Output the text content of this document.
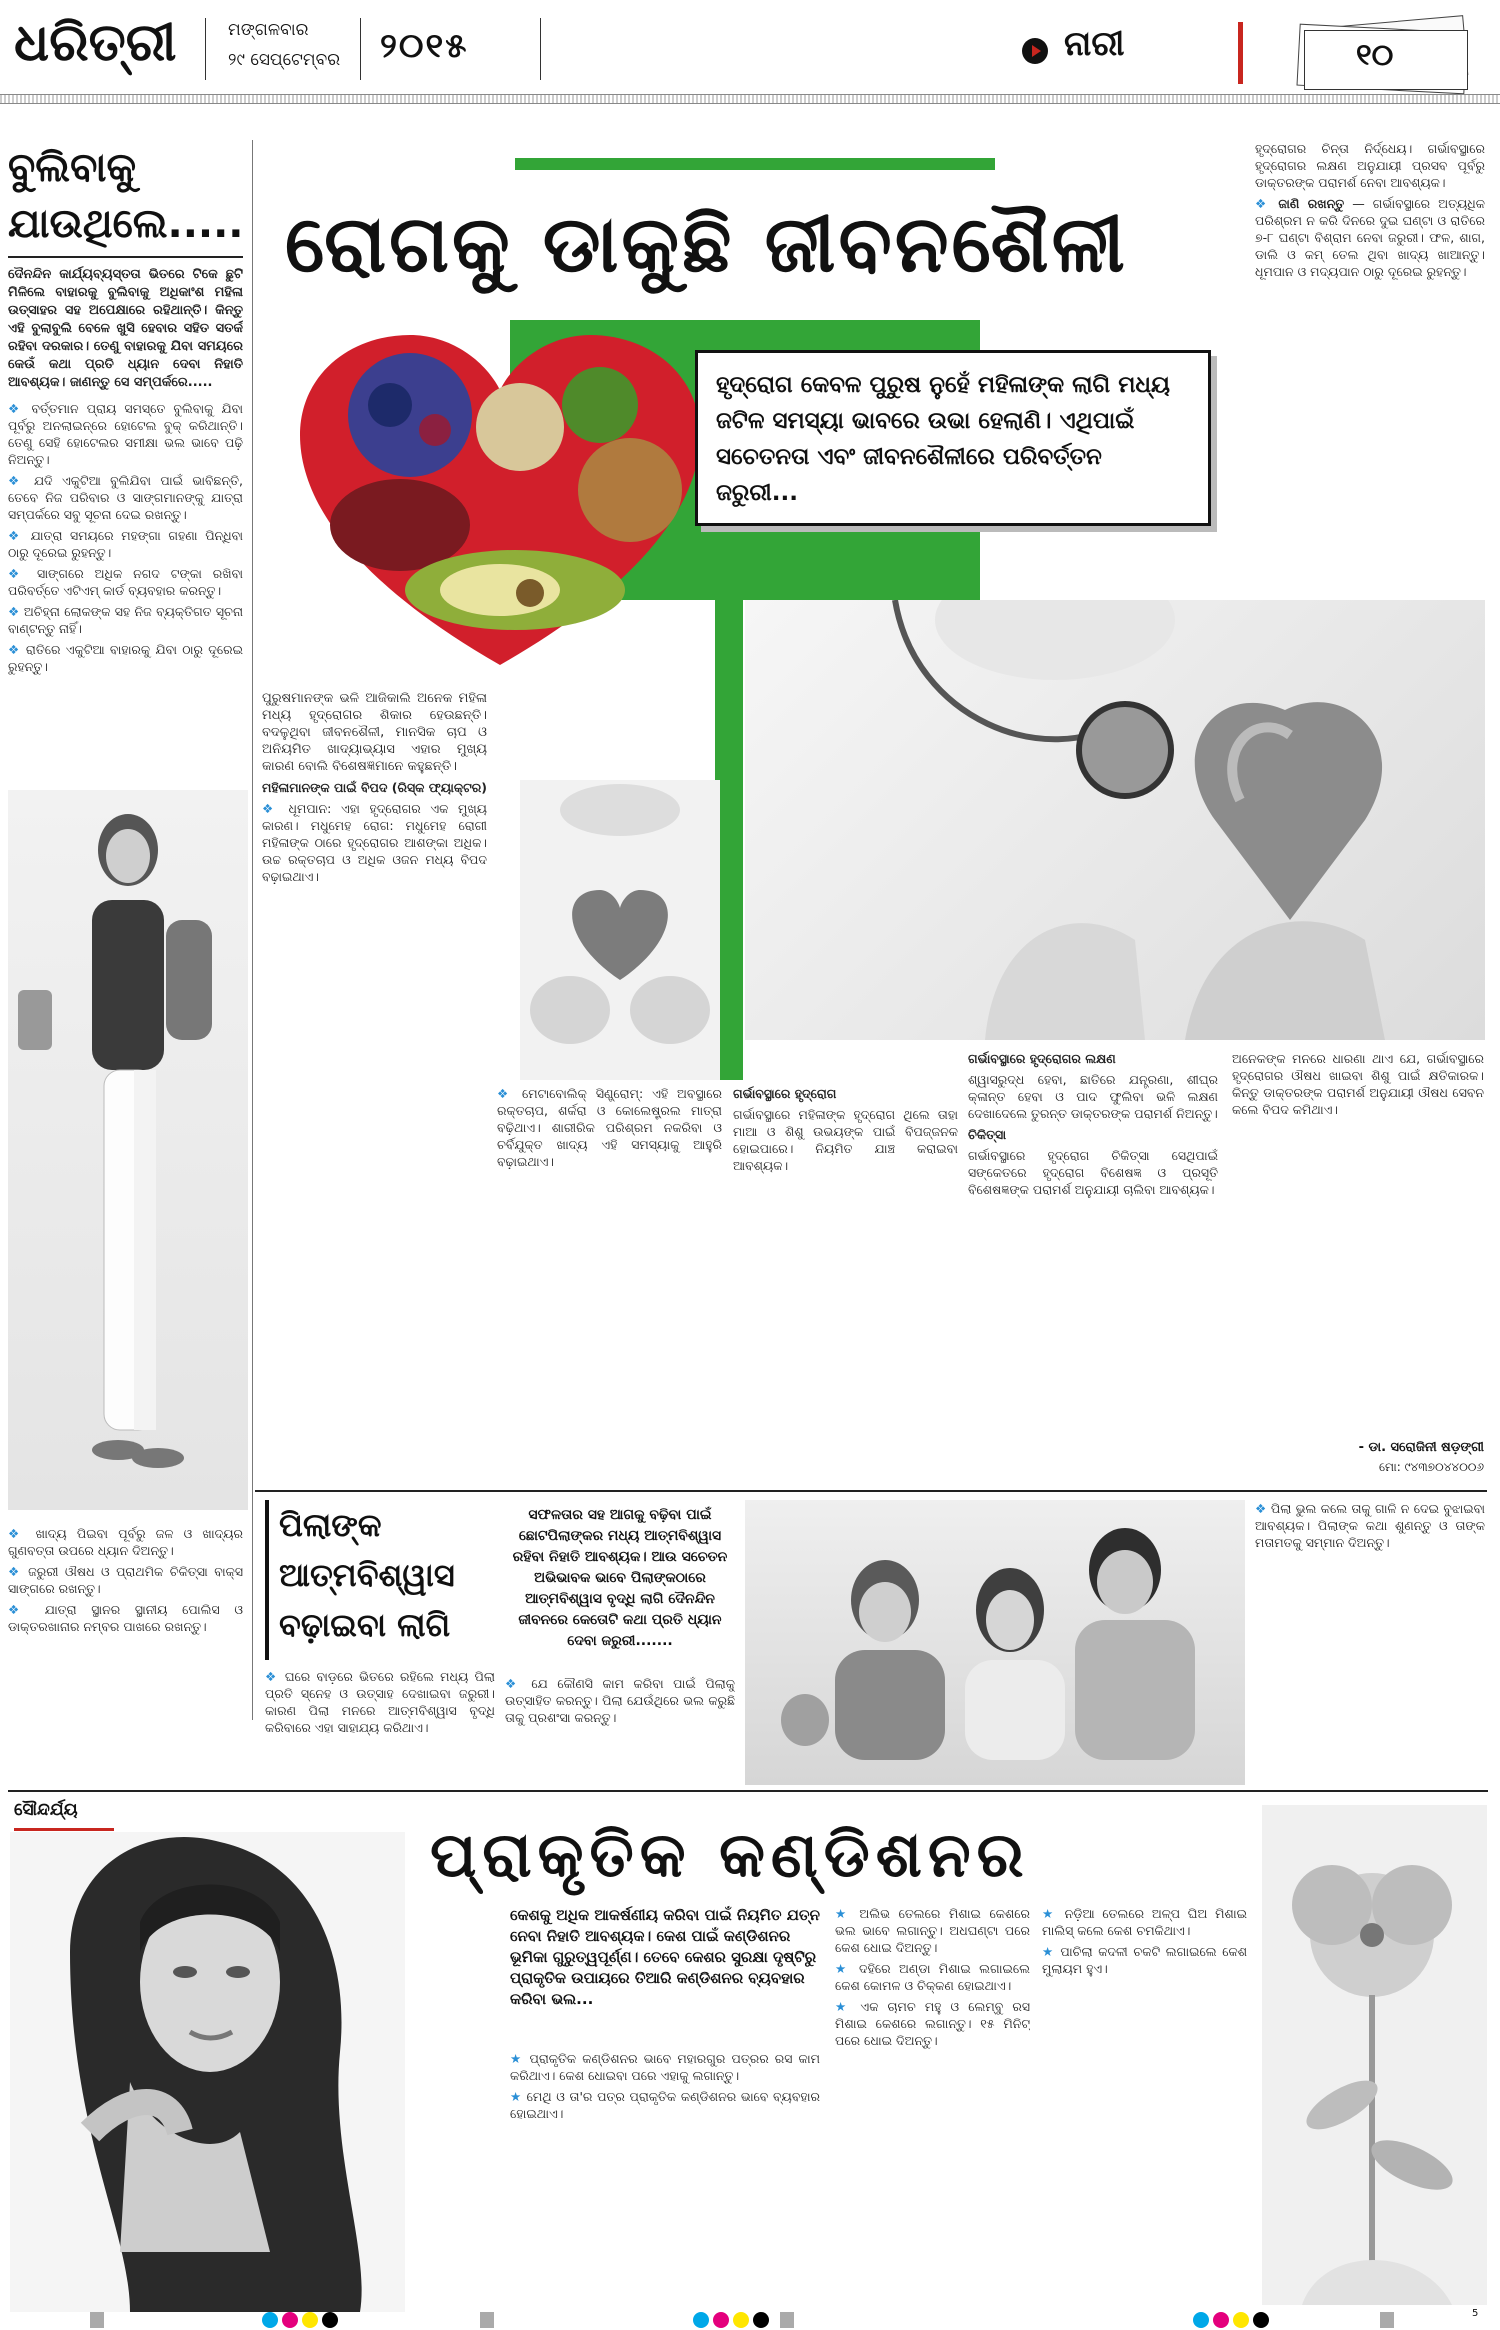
ଧରିତ୍ରୀ	ମଙ୍ଗଳବାର
୨୯ ସେପ୍ଟେମ୍ବର ୨୦୧୫	ନାରୀ	୧୦
ବୁଲିବାକୁ
ଯାଉଥିଲେ.....
ଦୈନନ୍ଦିନ କାର୍ଯ୍ୟବ୍ୟସ୍ତତା ଭିତରେ ଟିକେ ଛୁଟି ମିଳିଲେ ବାହାରକୁ ବୁଲିବାକୁ ଅଧିକାଂଶ ମହିଳା ଉତ୍ସାହର ସହ ଅପେକ୍ଷାରେ ରହିଥାନ୍ତି। କିନ୍ତୁ ଏହି ବୁଲାବୁଲି ବେଳେ ଖୁସି ହେବାର ସହିତ ସତର୍କ ରହିବା ଦରକାର। ତେଣୁ ବାହାରକୁ ଯିବା ସମୟରେ କେଉଁ କଥା ପ୍ରତି ଧ୍ୟାନ ଦେବା ନିହାତି ଆବଶ୍ୟକ। ଜାଣନ୍ତୁ ସେ ସମ୍ପର୍କରେ.....

❖ ବର୍ତ୍ତମାନ ପ୍ରାୟ ସମସ୍ତେ ବୁଲିବାକୁ ଯିବା ପୂର୍ବରୁ ଅନଲାଇନ୍‌ରେ ହୋଟେଲ ବୁକ୍ କରିଥାନ୍ତି। ତେଣୁ ସେହି ହୋଟେଲର ସମୀକ୍ଷା ଭଲ ଭାବେ ପଢ଼ି ନିଅନ୍ତୁ।

❖ ଯଦି ଏକୁଟିଆ ବୁଲିଯିବା ପାଇଁ ଭାବିଛନ୍ତି, ତେବେ ନିଜ ପରିବାର ଓ ସାଙ୍ଗମାନଙ୍କୁ ଯାତ୍ରା ସମ୍ପର୍କରେ ସବୁ ସୂଚନା ଦେଇ ରଖନ୍ତୁ।

❖ ଯାତ୍ରା ସମୟରେ ମହଙ୍ଗା ଗହଣା ପିନ୍ଧିବା ଠାରୁ ଦୂରେଇ ରୁହନ୍ତୁ।

❖ ସାଙ୍ଗରେ ଅଧିକ ନଗଦ ଟଙ୍କା ରଖିବା ପରିବର୍ତ୍ତେ ଏଟିଏମ୍ କାର୍ଡ ବ୍ୟବହାର କରନ୍ତୁ।

❖ ଅଚିହ୍ନା ଲୋକଙ୍କ ସହ ନିଜ ବ୍ୟକ୍ତିଗତ ସୂଚନା ବାଣ୍ଟନ୍ତୁ ନାହିଁ।

❖ ରାତିରେ ଏକୁଟିଆ ବାହାରକୁ ଯିବା ଠାରୁ ଦୂରେଇ ରୁହନ୍ତୁ।

❖ ଖାଦ୍ୟ ପିଇବା ପୂର୍ବରୁ ଜଳ ଓ ଖାଦ୍ୟର ଗୁଣବତ୍ତା ଉପରେ ଧ୍ୟାନ ଦିଅନ୍ତୁ।

❖ ଜରୁରୀ ଔଷଧ ଓ ପ୍ରାଥମିକ ଚିକିତ୍ସା ବାକ୍ସ ସାଙ୍ଗରେ ରଖନ୍ତୁ।

❖ ଯାତ୍ରା ସ୍ଥାନର ସ୍ଥାନୀୟ ପୋଲିସ ଓ ଡାକ୍ତରଖାନାର ନମ୍ବର ପାଖରେ ରଖନ୍ତୁ।

ରୋଗକୁ ଡାକୁଛି ଜୀବନଶୈଳୀ
ହୃଦ୍‌ରୋଗ କେବଳ ପୁରୁଷ ନୁହେଁ ମହିଳାଙ୍କ ଲାଗି ମଧ୍ୟ ଜଟିଳ ସମସ୍ୟା ଭାବରେ ଉଭା ହେଲାଣି। ଏଥିପାଇଁ ସଚେତନତା ଏବଂ ଜୀବନଶୈଳୀରେ ପରିବର୍ତ୍ତନ ଜରୁରୀ...

ହୃଦ୍‌ରୋଗର ଚିନ୍ତା ନିର୍ଦ୍ଧେୟ। ଗର୍ଭାବସ୍ଥାରେ ହୃଦ୍‌ରୋଗର ଲକ୍ଷଣ ଅନୁଯାୟୀ ପ୍ରସବ ପୂର୍ବରୁ ଡାକ୍ତରଙ୍କ ପରାମର୍ଶ ନେବା ଆବଶ୍ୟକ।

❖ ଜାଣି ରଖନ୍ତୁ — ଗର୍ଭାବସ୍ଥାରେ ଅତ୍ୟଧିକ ପରିଶ୍ରମ ନ କରି ଦିନରେ ଦୁଇ ଘଣ୍ଟା ଓ ରାତିରେ ୭-୮ ଘଣ୍ଟା ବିଶ୍ରାମ ନେବା ଜରୁରୀ। ଫଳ, ଶାଗ, ଡାଲି ଓ କମ୍ ତେଲ ଥିବା ଖାଦ୍ୟ ଖାଆନ୍ତୁ। ଧୂମପାନ ଓ ମଦ୍ୟପାନ ଠାରୁ ଦୂରେଇ ରୁହନ୍ତୁ।

ପୁରୁଷମାନଙ୍କ ଭଳି ଆଜିକାଲି ଅନେକ ମହିଳା ମଧ୍ୟ ହୃଦ୍‌ରୋଗର ଶିକାର ହେଉଛନ୍ତି। ବଦଳୁଥିବା ଜୀବନଶୈଳୀ, ମାନସିକ ଚାପ ଓ ଅନିୟମିତ ଖାଦ୍ୟାଭ୍ୟାସ ଏହାର ମୁଖ୍ୟ କାରଣ ବୋଲି ବିଶେଷଜ୍ଞମାନେ କହୁଛନ୍ତି।

ମହିଳାମାନଙ୍କ ପାଇଁ ବିପଦ (ରିସ୍କ ଫ୍ୟାକ୍ଟର)

❖ ଧୂମପାନ: ଏହା ହୃଦ୍‌ରୋଗର ଏକ ମୁଖ୍ୟ କାରଣ। ମଧୁମେହ ରୋଗ: ମଧୁମେହ ରୋଗୀ ମହିଳାଙ୍କ ଠାରେ ହୃଦ୍‌ରୋଗର ଆଶଙ୍କା ଅଧିକ। ଉଚ୍ଚ ରକ୍ତଚାପ ଓ ଅଧିକ ଓଜନ ମଧ୍ୟ ବିପଦ ବଢ଼ାଇଥାଏ।

❖ ମେଟାବୋଲିକ୍ ସିଣ୍ଡ୍ରୋମ୍: ଏହି ଅବସ୍ଥାରେ ରକ୍ତଚାପ, ଶର୍କରା ଓ କୋଲେଷ୍ଟ୍ରଲ ମାତ୍ରା ବଢ଼ିଥାଏ। ଶାରୀରିକ ପରିଶ୍ରମ ନକରିବା ଓ ଚର୍ବିଯୁକ୍ତ ଖାଦ୍ୟ ଏହି ସମସ୍ୟାକୁ ଆହୁରି ବଢ଼ାଇଥାଏ।

ଗର୍ଭାବସ୍ଥାରେ ହୃଦ୍‌ରୋଗ

ଗର୍ଭାବସ୍ଥାରେ ମହିଳାଙ୍କ ହୃଦ୍‌ରୋଗ ଥିଲେ ତାହା ମାଆ ଓ ଶିଶୁ ଉଭୟଙ୍କ ପାଇଁ ବିପଜ୍ଜନକ ହୋଇପାରେ। ନିୟମିତ ଯାଞ୍ଚ କରାଇବା ଆବଶ୍ୟକ।

ଗର୍ଭାବସ୍ଥାରେ ହୃଦ୍‌ରୋଗର ଲକ୍ଷଣ

ଶ୍ୱାସରୁଦ୍ଧ ହେବା, ଛାତିରେ ଯନ୍ତ୍ରଣା, ଶୀଘ୍ର କ୍ଳାନ୍ତ ହେବା ଓ ପାଦ ଫୁଲିବା ଭଳି ଲକ୍ଷଣ ଦେଖାଦେଲେ ତୁରନ୍ତ ଡାକ୍ତରଙ୍କ ପରାମର୍ଶ ନିଅନ୍ତୁ।

ଚିକିତ୍ସା

ଗର୍ଭାବସ୍ଥାରେ ହୃଦ୍‌ରୋଗ ଚିକିତ୍ସା ସେଥିପାଇଁ ସଙ୍କେତରେ ହୃଦ୍‌ରୋଗ ବିଶେଷଜ୍ଞ ଓ ପ୍ରସୂତି ବିଶେଷଜ୍ଞଙ୍କ ପରାମର୍ଶ ଅନୁଯାୟୀ ଚାଲିବା ଆବଶ୍ୟକ।

ଅନେକଙ୍କ ମନରେ ଧାରଣା ଥାଏ ଯେ, ଗର୍ଭାବସ୍ଥାରେ ହୃଦ୍‌ରୋଗର ଔଷଧ ଖାଇବା ଶିଶୁ ପାଇଁ କ୍ଷତିକାରକ। କିନ୍ତୁ ଡାକ୍ତରଙ୍କ ପରାମର୍ଶ ଅନୁଯାୟୀ ଔଷଧ ସେବନ କଲେ ବିପଦ କମିଥାଏ।

- ଡା. ସରୋଜିନୀ ଷଡ଼ଙ୍ଗୀ
ମୋ: ୯୪୩୭୦୪୪୦୦୬
ପିଲାଙ୍କ
ଆତ୍ମବିଶ୍ୱାସ
ବଢ଼ାଇବା ଲାଗି

❖ ଘରେ ବାଡ଼ରେ ଭିତରେ ରହିଲେ ମଧ୍ୟ ପିଲା ପ୍ରତି ସ୍ନେହ ଓ ଉତ୍ସାହ ଦେଖାଇବା ଜରୁରୀ। କାରଣ ପିଲା ମନରେ ଆତ୍ମବିଶ୍ୱାସ ବୃଦ୍ଧି କରିବାରେ ଏହା ସାହାଯ୍ୟ କରିଥାଏ।

ସଫଳତାର ସହ ଆଗକୁ ବଢ଼ିବା ପାଇଁ ଛୋଟପିଲାଙ୍କର ମଧ୍ୟ ଆତ୍ମବିଶ୍ୱାସ ରହିବା ନିହାତି ଆବଶ୍ୟକ। ଆଉ ସଚେତନ ଅଭିଭାବକ ଭାବେ ପିଲାଙ୍କଠାରେ ଆତ୍ମବିଶ୍ୱାସ ବୃଦ୍ଧି ଲାଗି ଦୈନନ୍ଦିନ ଜୀବନରେ କେତୋଟି କଥା ପ୍ରତି ଧ୍ୟାନ ଦେବା ଜରୁରୀ.......

❖ ଯେ କୌଣସି କାମ କରିବା ପାଇଁ ପିଲାକୁ ଉତ୍ସାହିତ କରନ୍ତୁ। ପିଲା ଯେଉଁଥିରେ ଭଲ କରୁଛି ତାକୁ ପ୍ରଶଂସା କରନ୍ତୁ।

❖ ପିଲା ଭୁଲ କଲେ ତାକୁ ଗାଳି ନ ଦେଇ ବୁଝାଇବା ଆବଶ୍ୟକ। ପିଲାଙ୍କ କଥା ଶୁଣନ୍ତୁ ଓ ତାଙ୍କ ମତାମତକୁ ସମ୍ମାନ ଦିଅନ୍ତୁ।

ସୌନ୍ଦର୍ଯ୍ୟ
ପ୍ରାକୃତିକ କଣ୍ଡିଶନର
କେଶକୁ ଅଧିକ ଆକର୍ଷଣୀୟ କରିବା ପାଇଁ ନିୟମିତ ଯତ୍ନ ନେବା ନିହାତି ଆବଶ୍ୟକ। କେଶ ପାଇଁ କଣ୍ଡିଶନର ଭୂମିକା ଗୁରୁତ୍ୱପୂର୍ଣ୍ଣ। ତେବେ କେଶର ସୁରକ୍ଷା ଦୃଷ୍ଟିରୁ ପ୍ରାକୃତିକ ଉପାୟରେ ତିଆରି କଣ୍ଡିଶନର ବ୍ୟବହାର କରିବା ଭଲ...

★ ପ୍ରାକୃତିକ କଣ୍ଡିଶନର ଭାବେ ମହାରଗୁର ପତ୍ରର ରସ କାମ କରିଥାଏ। କେଶ ଧୋଇବା ପରେ ଏହାକୁ ଲଗାନ୍ତୁ।

★ ମେଥି ଓ ତା'ର ପତ୍ର ପ୍ରାକୃତିକ କଣ୍ଡିଶନର ଭାବେ ବ୍ୟବହାର ହୋଇଥାଏ।

★ ଅଲିଭ ତେଲରେ ମିଶାଇ କେଶରେ ଭଲ ଭାବେ ଲଗାନ୍ତୁ। ଅଧଘଣ୍ଟା ପରେ କେଶ ଧୋଇ ଦିଅନ୍ତୁ।

★ ଦହିରେ ଅଣ୍ଡା ମିଶାଇ ଲଗାଇଲେ କେଶ କୋମଳ ଓ ଚିକ୍କଣ ହୋଇଥାଏ।

★ ଏକ ଚାମଚ ମହୁ ଓ ଲେମ୍ବୁ ରସ ମିଶାଇ କେଶରେ ଲଗାନ୍ତୁ। ୧୫ ମିନିଟ୍ ପରେ ଧୋଇ ଦିଅନ୍ତୁ।

★ ନଡ଼ିଆ ତେଲରେ ଅଳ୍ପ ଘିଅ ମିଶାଇ ମାଲିସ୍ କଲେ କେଶ ଚମକିଥାଏ।

★ ପାଚିଲା କଦଳୀ ଚକଟି ଲଗାଇଲେ କେଶ ମୁଲାୟମ ହୁଏ।

5
